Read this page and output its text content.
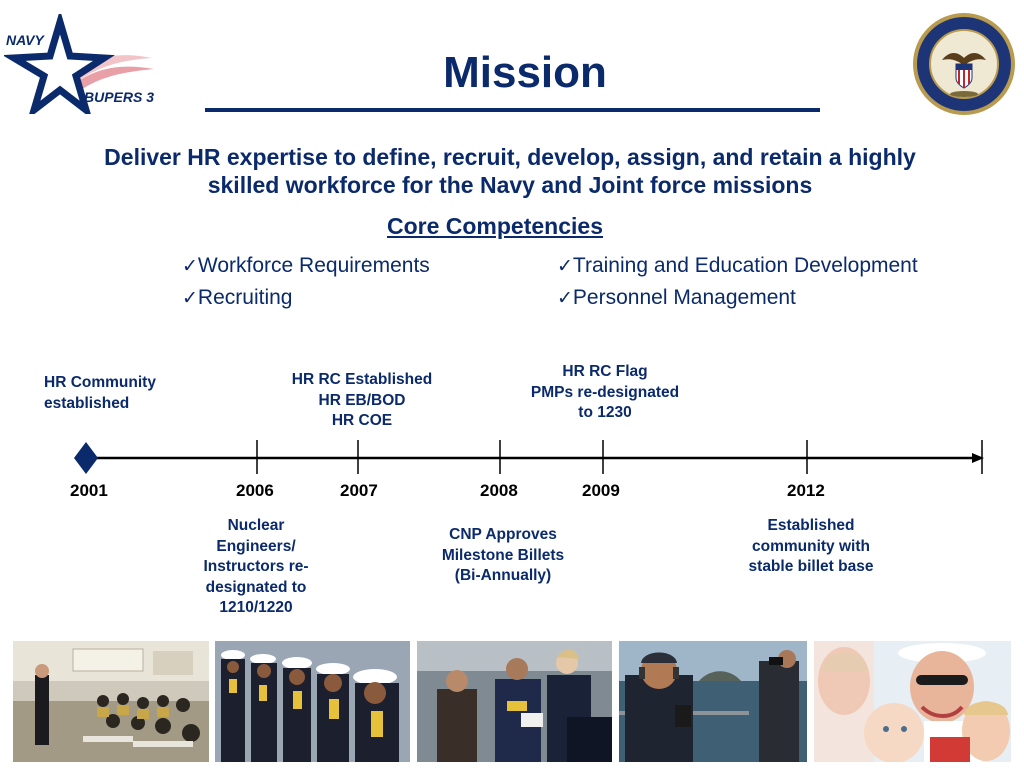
NAVY
BUPERS 3	Mission
Deliver HR expertise to define, recruit, develop, assign, and retain a highly
skilled workforce for the Navy and Joint force missions
Core Competencies
✓Workforce Requirements
✓Recruiting
✓Training and Education Development
✓Personnel Management
HR Community
established
HR RC Established
HR EB/BOD
HR COE
HR RC Flag
PMPs re-designated
to 1230
2001	2006	2007	2008	2009	2012
Nuclear
Engineers/
Instructors re-
designated to
1210/1220
CNP Approves
Milestone Billets
(Bi-Annually)
Established
community with
stable billet base
